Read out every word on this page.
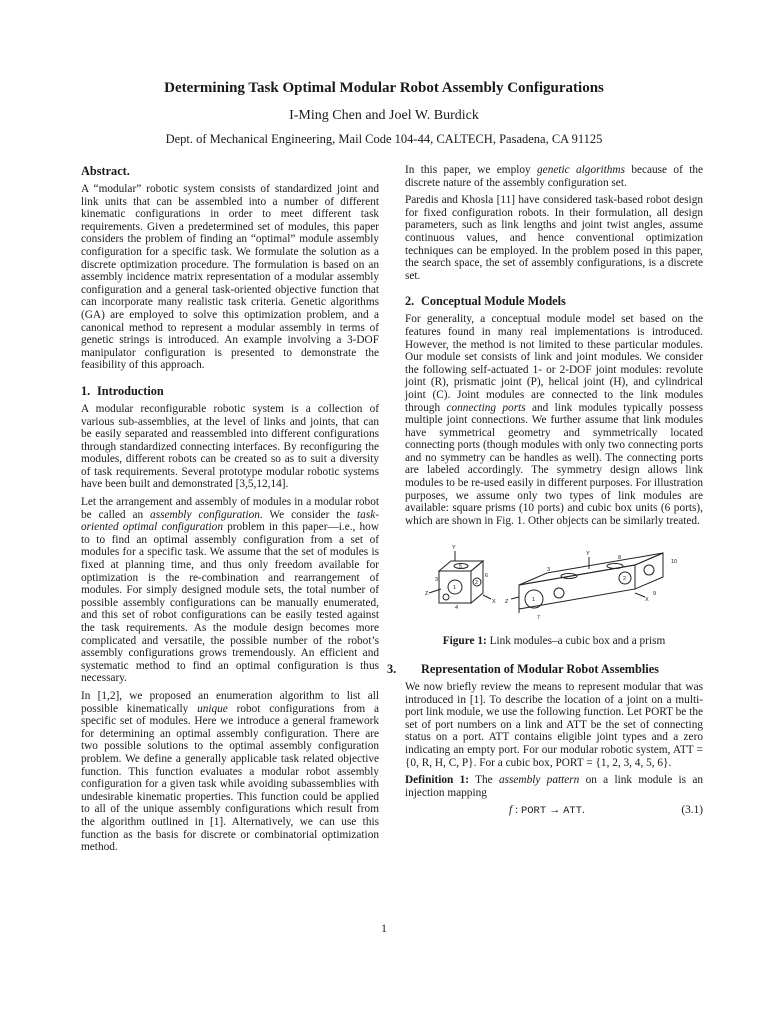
Determining Task Optimal Modular Robot Assembly Configurations
I-Ming Chen and Joel W. Burdick
Dept. of Mechanical Engineering, Mail Code 104-44, CALTECH, Pasadena, CA 91125
Abstract.

A “modular” robotic system consists of standardized joint and link units that can be assembled into a number of different kinematic configurations in order to meet different task requirements. Given a predetermined set of modules, this paper considers the problem of finding an “optimal” module assembly configuration for a specific task. We formulate the solution as a discrete optimization procedure. The formulation is based on an assembly incidence matrix representation of a modular assembly configuration and a general task-oriented objective function that can incorporate many realistic task criteria. Genetic algorithms (GA) are employed to solve this optimization problem, and a canonical method to represent a modular assembly in terms of genetic strings is introduced. An example involving a 3-DOF manipulator configuration is presented to demonstrate the feasibility of this approach.

1. Introduction

A modular reconfigurable robotic system is a collection of various sub-assemblies, at the level of links and joints, that can be easily separated and reassembled into different configurations through standardized connecting interfaces. By reconfiguring the modules, different robots can be created so as to suit a diversity of task requirements. Several prototype modular robotic systems have been built and demonstrated [3,5,12,14].

Let the arrangement and assembly of modules in a modular robot be called an assembly configuration. We consider the task-oriented optimal configuration problem in this paper—i.e., how to to find an optimal assembly configuration from a set of modules for a specific task. We assume that the set of modules is fixed at planning time, and thus only freedom available for optimization is the re-combination and rearrangement of modules. For simply designed module sets, the total number of possible assembly configurations can be manually enumerated, and this set of robot configurations can be easily tested against the task requirements. As the module design becomes more complicated and versatile, the possible number of the robot’s assembly configurations grows tremendously. An efficient and systematic method to find an optimal configuration is thus necessary.

In [1,2], we proposed an enumeration algorithm to list all possible kinematically unique robot configurations from a specific set of modules. Here we introduce a general framework for determining an optimal assembly configuration. There are two possible solutions to the optimal assembly configuration problem. We define a generally applicable task related objective function. This function evaluates a modular robot assembly configuration for a given task while avoiding subassemblies with undesirable kinematic properties. This function could be applied to all of the unique assembly configurations which result from the algorithm outlined in [1]. Alternatively, we can use this function as the basis for discrete or combinatorial optimization method.

In this paper, we employ genetic algorithms because of the discrete nature of the assembly configuration set.

Paredis and Khosla [11] have considered task-based robot design for fixed configuration robots. In their formulation, all design parameters, such as link lengths and joint twist angles, assume continuous values, and hence conventional optimization techniques can be employed. In the problem posed in this paper, the search space, the set of assembly configurations, is a discrete set.

2. Conceptual Module Models

For generality, a conceptual module model set based on the features found in many real implementations is introduced. However, the method is not limited to these particular modules. Our module set consists of link and joint modules. We consider the following self-actuated 1- or 2-DOF joint modules: revolute joint (R), prismatic joint (P), helical joint (H), and cylindrical joint (C). Joint modules are connected to the link modules through connecting ports and link modules typically possess multiple joint connections. We further assume that link modules have symmetrical geometry and symmetrically located connecting ports (though modules with only two connecting ports and no symmetry can be handles as well). The connecting ports are labeled accordingly. The symmetry design allows link modules to be re-used easily in different purposes. For illustration purposes, we assume only two types of link modules are available: square prisms (10 ports) and cubic box units (6 ports), which are shown in Fig. 1. Other objects can be similarly treated.

Y
Z
X
1
2
3
4
5
6
Y
Z	X
1
2
3
7
8
9
10
Figure 1: Link modules–a cubic box and a prism
3. Representation of Modular Robot Assemblies

We now briefly review the means to represent modular that was introduced in [1]. To describe the location of a joint on a multi-port link module, we use the following function. Let PORT be the set of port numbers on a link and ATT be the set of connecting status on a port. ATT contains eligible joint types and a zero indicating an empty port. For our modular robotic system, ATT = {0, R, H, C, P}. For a cubic box, PORT = {1, 2, 3, 4, 5, 6}.

Definition 1: The assembly pattern on a link module is an injection mapping

f : PORT → ATT.	(3.1)
1
